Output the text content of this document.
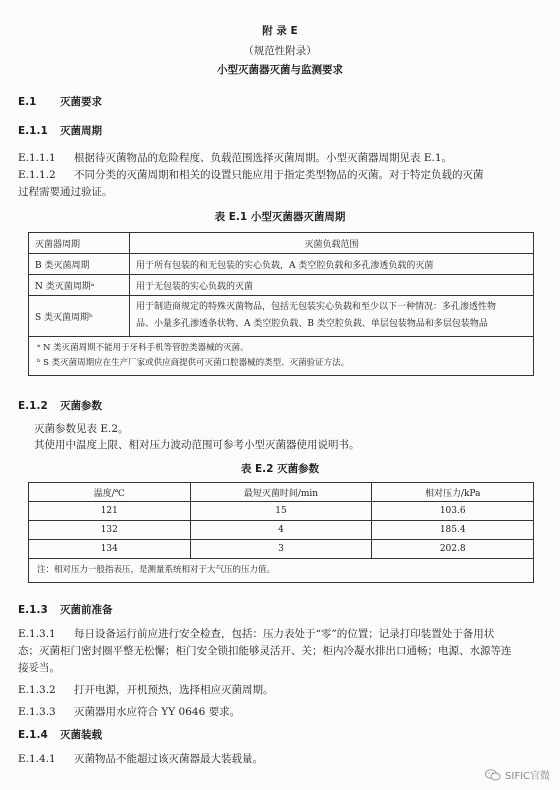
附 录 E
（规范性附录）
小型灭菌器灭菌与监测要求
E.1 灭菌要求
E.1.1 灭菌周期
E.1.1.1 根据待灭菌物品的危险程度、负载范围选择灭菌周期。小型灭菌器周期见表 E.1。
E.1.1.2 不同分类的灭菌周期和相关的设置只能应用于指定类型物品的灭菌。对于特定负载的灭菌
过程需要通过验证。
表 E.1 小型灭菌器灭菌周期
灭菌器周期	灭菌负载范围
B 类灭菌周期	用于所有包装的和无包装的实心负载，A 类空腔负载和多孔渗透负载的灭菌
N 类灭菌周期ᵃ	用于无包装的实心负载的灭菌
S 类灭菌周期ᵇ	用于制造商规定的特殊灭菌物品，包括无包装实心负载和至少以下一种情况：多孔渗透性物
品、小量多孔渗透条状物、A 类空腔负载、B 类空腔负载、单层包装物品和多层包装物品

ᵃ N 类灭菌周期不能用于牙科手机等管腔类器械的灭菌。
ᵇ S 类灭菌周期应在生产厂家或供应商提供可灭菌口腔器械的类型、灭菌验证方法。	
E.1.2 灭菌参数
灭菌参数见表 E.2。
其使用中温度上限、相对压力波动范围可参考小型灭菌器使用说明书。
表 E.2 灭菌参数
温度/℃	最短灭菌时间/min	相对压力/kPa
121	15	103.6
132	4	185.4
134	3	202.8
注：相对压力一般指表压，是测量系统相对于大气压的压力值。		
E.1.3 灭菌前准备
E.1.3.1 每日设备运行前应进行安全检查，包括：压力表处于“零”的位置；记录打印装置处于备用状
态；灭菌柜门密封圈平整无松懈；柜门安全锁扣能够灵活开、关；柜内冷凝水排出口通畅；电源、水源等连
接妥当。
E.1.3.2 打开电源，开机预热，选择相应灭菌周期。
E.1.3.3 灭菌器用水应符合 YY 0646 要求。
E.1.4 灭菌装载
E.1.4.1 灭菌物品不能超过该灭菌器最大装载量。
SIFIC官微
